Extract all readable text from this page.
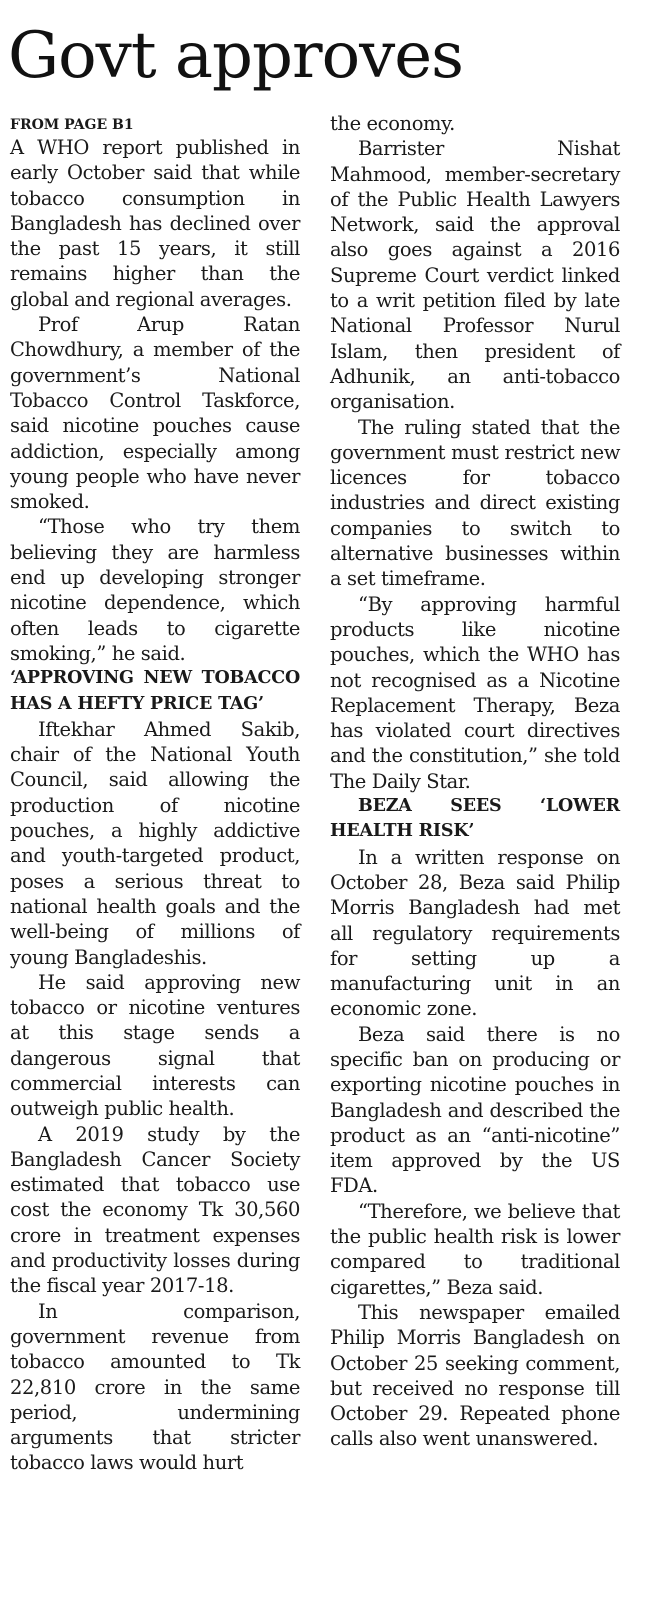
Govt approves
FROM PAGE B1

A WHO report published in early October said that while tobacco consumption in Bangladesh has declined over the past 15 years, it still remains higher than the global and regional averages.

Prof Arup Ratan Chowdhury, a member of the government’s National Tobacco Control Taskforce, said nicotine pouches cause addiction, especially among young people who have never smoked.

“Those who try them believing they are harmless end up developing stronger nicotine dependence, which often leads to cigarette smoking,” he said.

‘APPROVING NEW TOBACCO HAS A HEFTY PRICE TAG’

Iftekhar Ahmed Sakib, chair of the National Youth Council, said allowing the production of nicotine pouches, a highly addictive and youth-targeted product, poses a serious threat to national health goals and the well-being of millions of young Bangladeshis.

He said approving new tobacco or nicotine ventures at this stage sends a dangerous signal that commercial interests can outweigh public health.

A 2019 study by the Bangladesh Cancer Society estimated that tobacco use cost the economy Tk 30,560 crore in treatment expenses and productivity losses during the fiscal year 2017-18.

In comparison, government revenue from tobacco amounted to Tk 22,810 crore in the same period, undermining arguments that stricter tobacco laws would hurt

the economy.

Barrister Nishat Mahmood, member-secretary of the Public Health Lawyers Network, said the approval also goes against a 2016 Supreme Court verdict linked to a writ petition filed by late National Professor Nurul Islam, then president of Adhunik, an anti-tobacco organisation.

The ruling stated that the government must restrict new licences for tobacco industries and direct existing companies to switch to alternative businesses within a set timeframe.

“By approving harmful products like nicotine pouches, which the WHO has not recognised as a Nicotine Replacement Therapy, Beza has violated court directives and the constitution,” she told The Daily Star.

BEZA SEES ‘LOWER HEALTH RISK’

In a written response on October 28, Beza said Philip Morris Bangladesh had met all regulatory requirements for setting up a manufacturing unit in an economic zone.

Beza said there is no specific ban on producing or exporting nicotine pouches in Bangladesh and described the product as an “anti-nicotine” item approved by the US FDA.

“Therefore, we believe that the public health risk is lower compared to traditional cigarettes,” Beza said.

This newspaper emailed Philip Morris Bangladesh on October 25 seeking comment, but received no response till October 29. Repeated phone calls also went unanswered.
